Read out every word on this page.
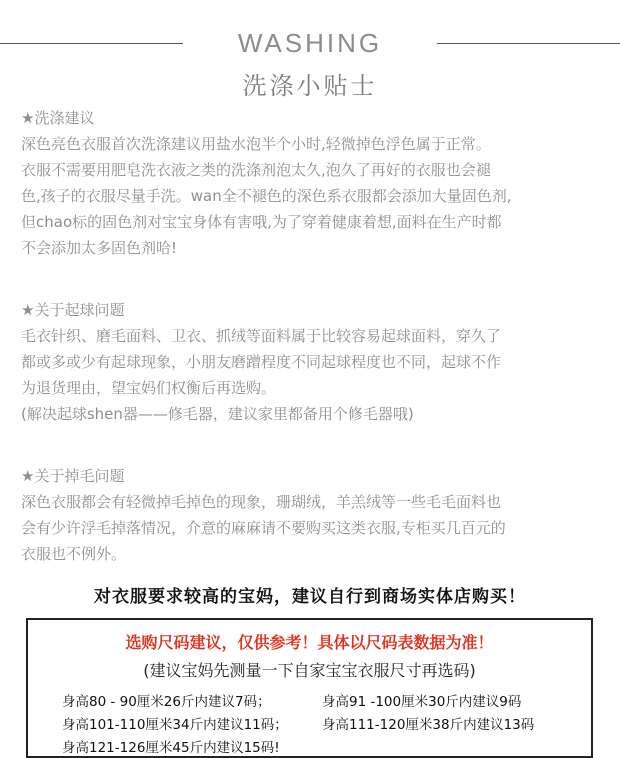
WASHING
洗涤小贴士

★洗涤建议

深色亮色衣服首次洗涤建议用盐水泡半个小时,轻微掉色浮色属于正常。

衣服不需要用肥皂洗衣液之类的洗涤剂泡太久,泡久了再好的衣服也会褪

色,孩子的衣服尽量手洗。wan全不褪色的深色系衣服都会添加大量固色剂,

但chao标的固色剂对宝宝身体有害哦,为了穿着健康着想,面料在生产时都

不会添加太多固色剂哈!

★关于起球问题

毛衣针织、磨毛面料、卫衣、抓绒等面料属于比较容易起球面料，穿久了

都或多或少有起球现象，小朋友磨蹭程度不同起球程度也不同，起球不作

为退货理由，望宝妈们权衡后再选购。

(解决起球shen器——修毛器，建议家里都备用个修毛器哦)

★关于掉毛问题

深色衣服都会有轻微掉毛掉色的现象，珊瑚绒，羊羔绒等一些毛毛面料也

会有少许浮毛掉落情况，介意的麻麻请不要购买这类衣服,专柜买几百元的

衣服也不例外。

对衣服要求较高的宝妈，建议自行到商场实体店购买！
选购尺码建议，仅供参考！具体以尺码表数据为准！
(建议宝妈先测量一下自家宝宝衣服尺寸再选码)
身高80 - 90厘米26斤内建议7码；	身高91 -100厘米30斤内建议9码
身高101-110厘米34斤内建议11码；	身高111-120厘米38斤内建议13码
身高121-126厘米45斤内建议15码!
